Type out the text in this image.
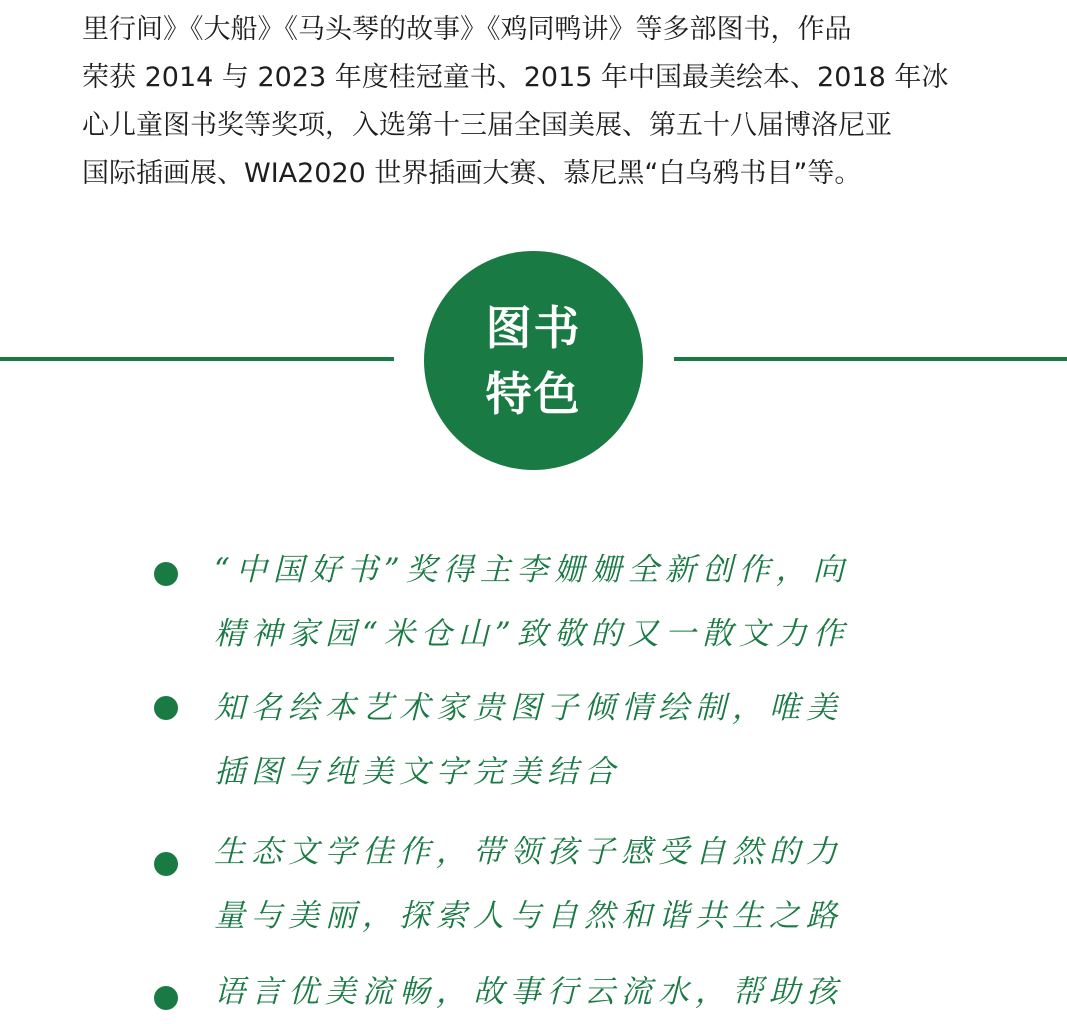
里行间》《大船》《马头琴的故事》《鸡同鸭讲》等多部图书，作品

荣获 2014 与 2023 年度桂冠童书、2015 年中国最美绘本、2018 年冰

心儿童图书奖等奖项，入选第十三届全国美展、第五十八届博洛尼亚

国际插画展、WIA2020 世界插画大赛、慕尼黑“白乌鸦书目”等。

图书
特色
“中国好书”奖得主李姗姗全新创作，向
精神家园“米仓山”致敬的又一散文力作
知名绘本艺术家贵图子倾情绘制，唯美
插图与纯美文字完美结合
生态文学佳作，带领孩子感受自然的力
量与美丽，探索人与自然和谐共生之路
语言优美流畅，故事行云流水，帮助孩
